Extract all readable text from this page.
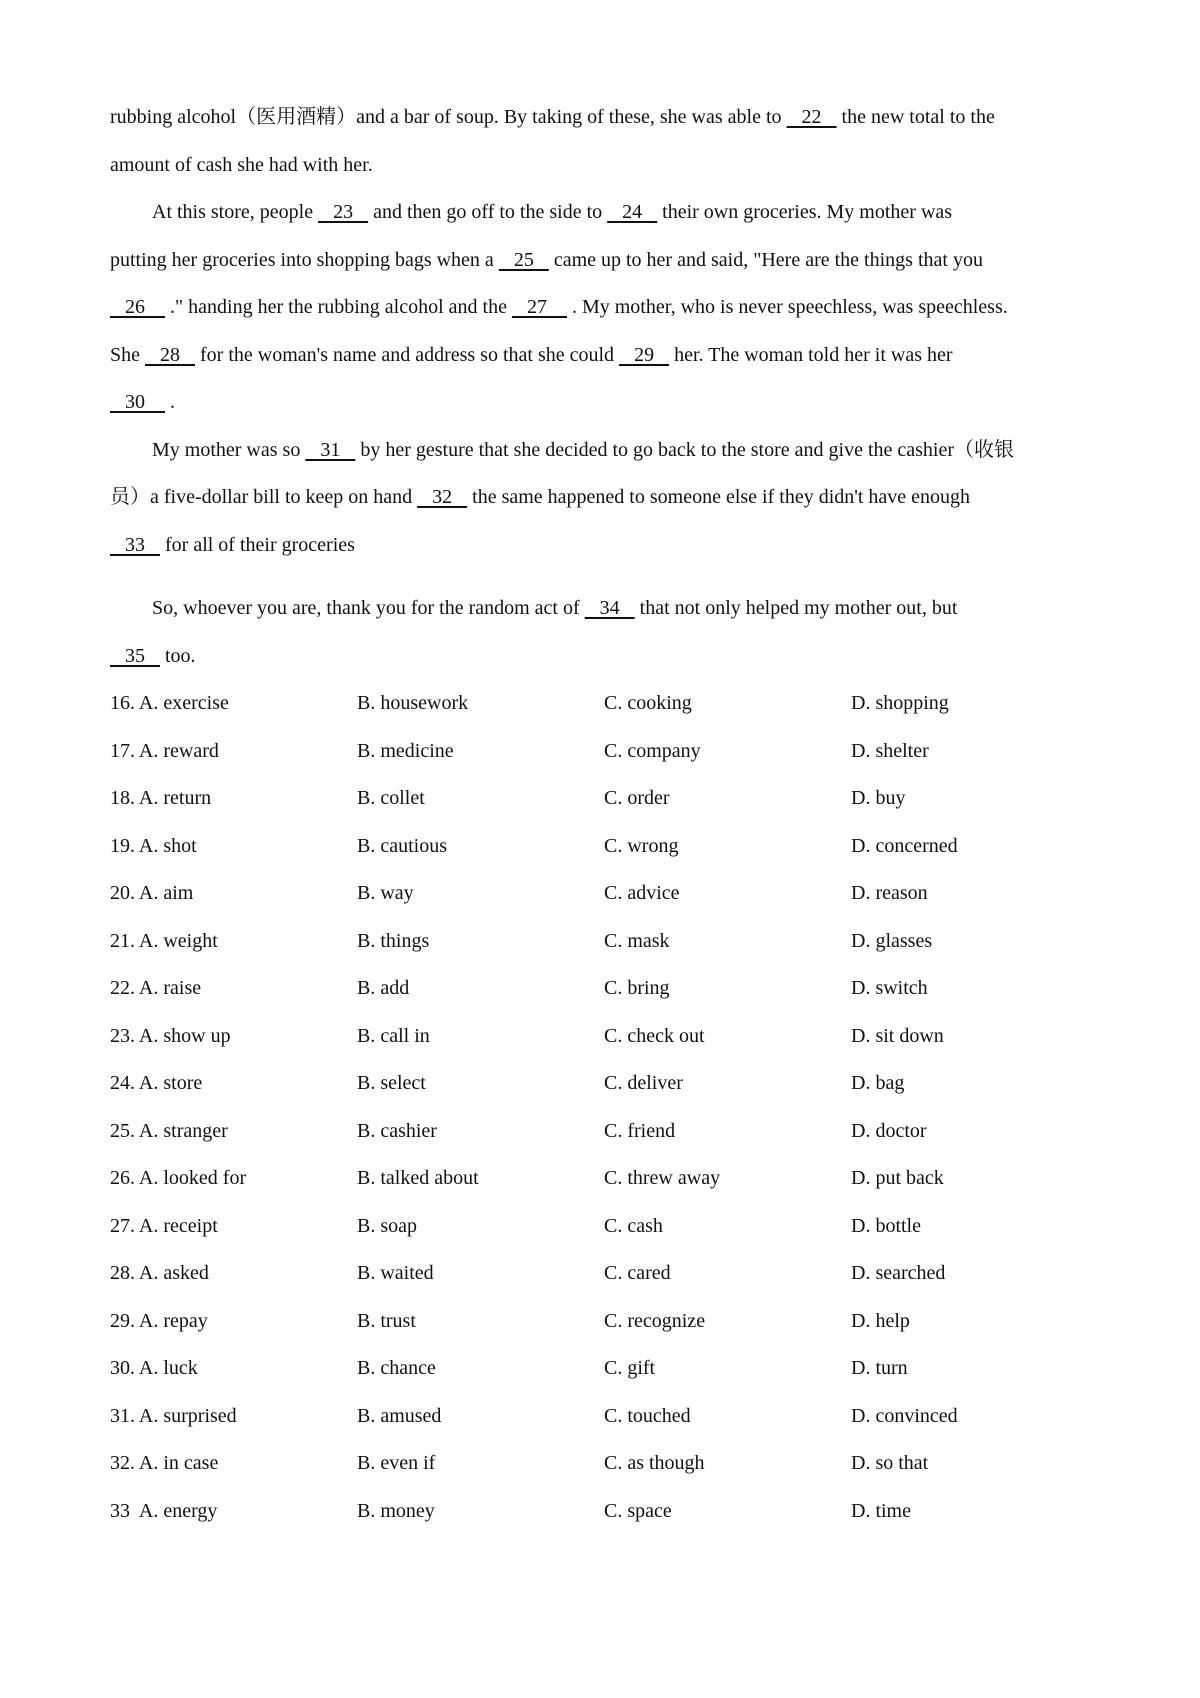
rubbing alcohol（医用酒精）and a bar of soup. By taking of these, she was able to    22    the new total to the
amount of cash she had with her.
At this store, people    23    and then go off to the side to    24    their own groceries. My mother was
putting her groceries into shopping bags when a    25    came up to her and said, "Here are the things that you
26     ." handing her the rubbing alcohol and the    27     . My mother, who is never speechless, was speechless.
She    28    for the woman's name and address so that she could    29    her. The woman told her it was her
30     .
My mother was so    31    by her gesture that she decided to go back to the store and give the cashier（收银
员）a five-dollar bill to keep on hand    32    the same happened to someone else if they didn't have enough
33    for all of their groceries
So, whoever you are, thank you for the random act of    34    that not only helped my mother out, but
35    too.
16. A. exercise	B. housework	C. cooking	D. shopping
17. A. reward	B. medicine	C. company	D. shelter
18. A. return	B. collet	C. order	D. buy
19. A. shot	B. cautious	C. wrong	D. concerned
20. A. aim	B. way	C. advice	D. reason
21. A. weight	B. things	C. mask	D. glasses
22. A. raise	B. add	C. bring	D. switch
23. A. show up	B. call in	C. check out	D. sit down
24. A. store	B. select	C. deliver	D. bag
25. A. stranger	B. cashier	C. friend	D. doctor
26. A. looked for	B. talked about	C. threw away	D. put back
27. A. receipt	B. soap	C. cash	D. bottle
28. A. asked	B. waited	C. cared	D. searched
29. A. repay	B. trust	C. recognize	D. help
30. A. luck	B. chance	C. gift	D. turn
31. A. surprised	B. amused	C. touched	D. convinced
32. A. in case	B. even if	C. as though	D. so that
33  A. energy	B. money	C. space	D. time
